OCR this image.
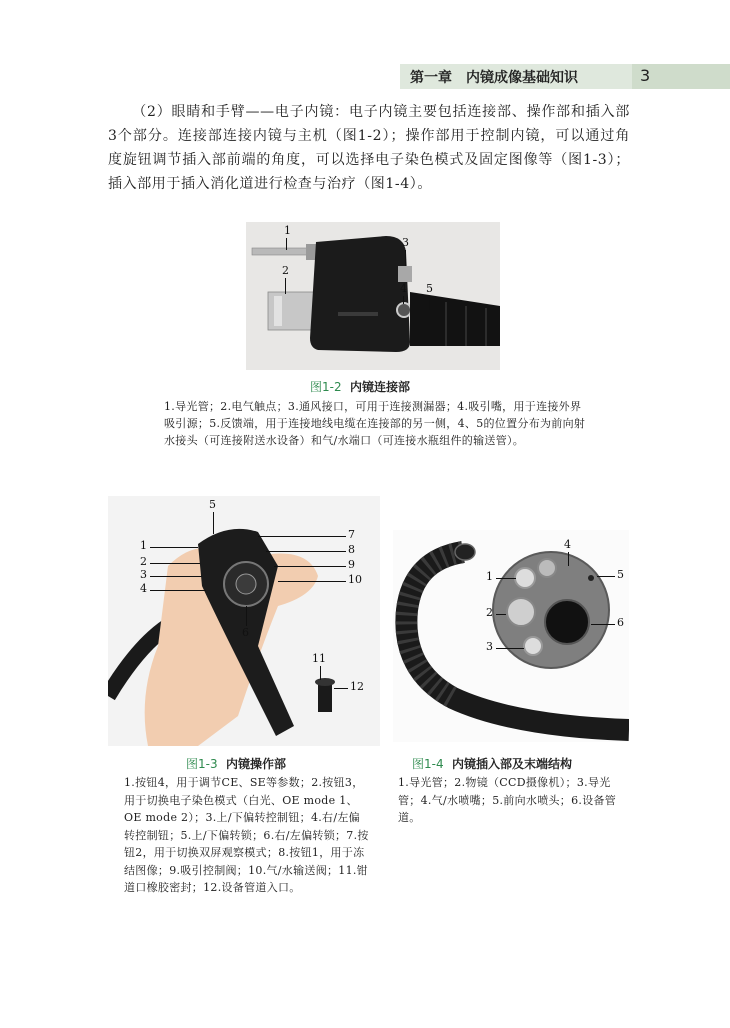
第一章　内镜成像基础知识	3
（2）眼睛和手臂——电子内镜：电子内镜主要包括连接部、操作部和插入部3个部分。连接部连接内镜与主机（图1-2）；操作部用于控制内镜，可以通过角度旋钮调节插入部前端的角度，可以选择电子染色模式及固定图像等（图1-3）；插入部用于插入消化道进行检查与治疗（图1-4）。
1
2
3
4 5
图1-2 内镜连接部
1.导光管；2.电气触点；3.通风接口，可用于连接测漏器；4.吸引嘴，用于连接外界吸引源；5.反馈端，用于连接地线电缆在连接部的另一侧，4、5的位置分布为前向射水接头（可连接附送水设备）和气/水端口（可连接水瓶组件的输送管）。
5
1
2
3
4
6
7
8
9
10
11
12
图1-3 内镜操作部
1.按钮4，用于调节CE、SE等参数；2.按钮3，用于切换电子染色模式（白光、OE mode 1、OE mode 2）；3.上/下偏转控制钮；4.右/左偏转控制钮；5.上/下偏转锁；6.右/左偏转锁；7.按钮2，用于切换双屏观察模式；8.按钮1，用于冻结图像；9.吸引控制阀；10.气/水输送阀；11.钳道口橡胶密封；12.设备管道入口。
4
1	5
2
6
3
图1-4 内镜插入部及末端结构
1.导光管；2.物镜（CCD摄像机）；3.导光管；4.气/水喷嘴；5.前向水喷头；6.设备管道。
